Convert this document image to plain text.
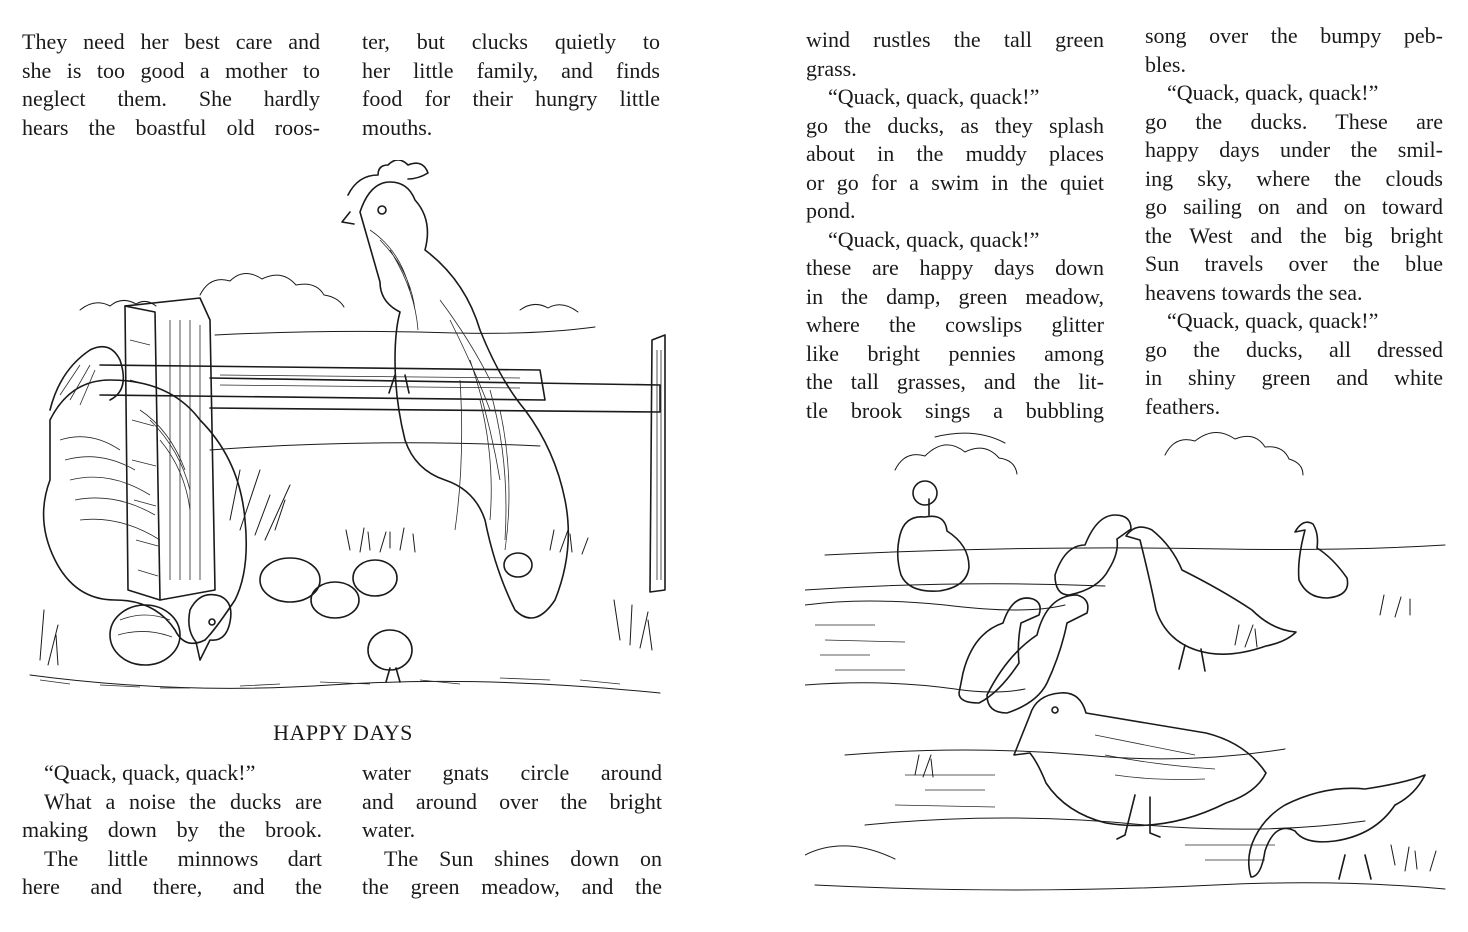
They need her best care and
she is too good a mother to
neglect them. She hardly
hears the boastful old roos-
ter, but clucks quietly to
her little family, and finds
food for their hungry little
mouths.
HAPPY DAYS
“Quack, quack, quack!”
What a noise the ducks are
making down by the brook.
The little minnows dart
here and there, and the
water gnats circle around
and around over the bright
water.
The Sun shines down on
the green meadow, and the
wind rustles the tall green
grass.
“Quack, quack, quack!”
go the ducks, as they splash
about in the muddy places
or go for a swim in the quiet
pond.
“Quack, quack, quack!”
these are happy days down
in the damp, green meadow,
where the cowslips glitter
like bright pennies among
the tall grasses, and the lit-
tle brook sings a bubbling
song over the bumpy peb-
bles.
“Quack, quack, quack!”
go the ducks. These are
happy days under the smil-
ing sky, where the clouds
go sailing on and on toward
the West and the big bright
Sun travels over the blue
heavens towards the sea.
“Quack, quack, quack!”
go the ducks, all dressed
in shiny green and white
feathers.
